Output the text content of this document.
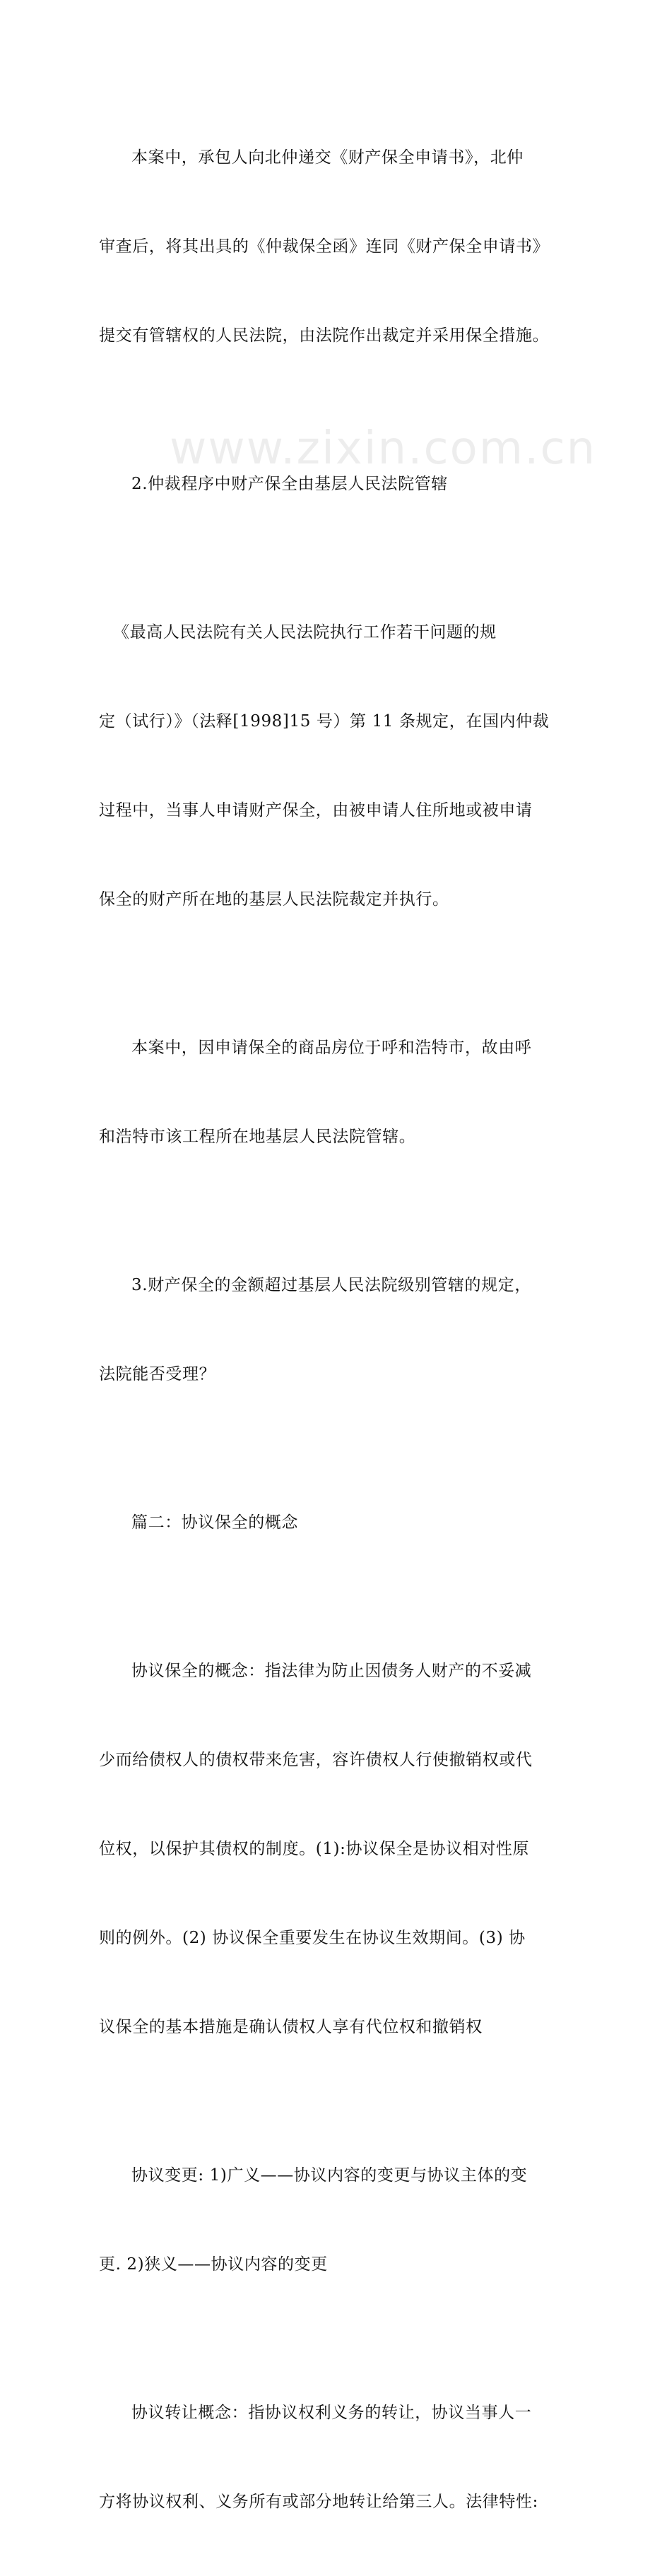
www.zixin.com.cn

本案中，承包人向北仲递交《财产保全申请书》，北仲

审查后，将其出具的《仲裁保全函》连同《财产保全申请书》

提交有管辖权的人民法院，由法院作出裁定并采用保全措施。

2.仲裁程序中财产保全由基层人民法院管辖

《最高人民法院有关人民法院执行工作若干问题的规

定（试行）》（法释[1998]15 号）第 11 条规定，在国内仲裁

过程中，当事人申请财产保全，由被申请人住所地或被申请

保全的财产所在地的基层人民法院裁定并执行。

本案中，因申请保全的商品房位于呼和浩特市，故由呼

和浩特市该工程所在地基层人民法院管辖。

3.财产保全的金额超过基层人民法院级别管辖的规定，

法院能否受理？

篇二：协议保全的概念

协议保全的概念：指法律为防止因债务人财产的不妥减

少而给债权人的债权带来危害，容许债权人行使撤销权或代

位权，以保护其债权的制度。(1):协议保全是协议相对性原

则的例外。(2) 协议保全重要发生在协议生效期间。(3) 协

议保全的基本措施是确认债权人享有代位权和撤销权

协议变更: 1)广义——协议内容的变更与协议主体的变

更. 2)狭义——协议内容的变更

协议转让概念：指协议权利义务的转让，协议当事人一

方将协议权利、义务所有或部分地转让给第三人。法律特性:
